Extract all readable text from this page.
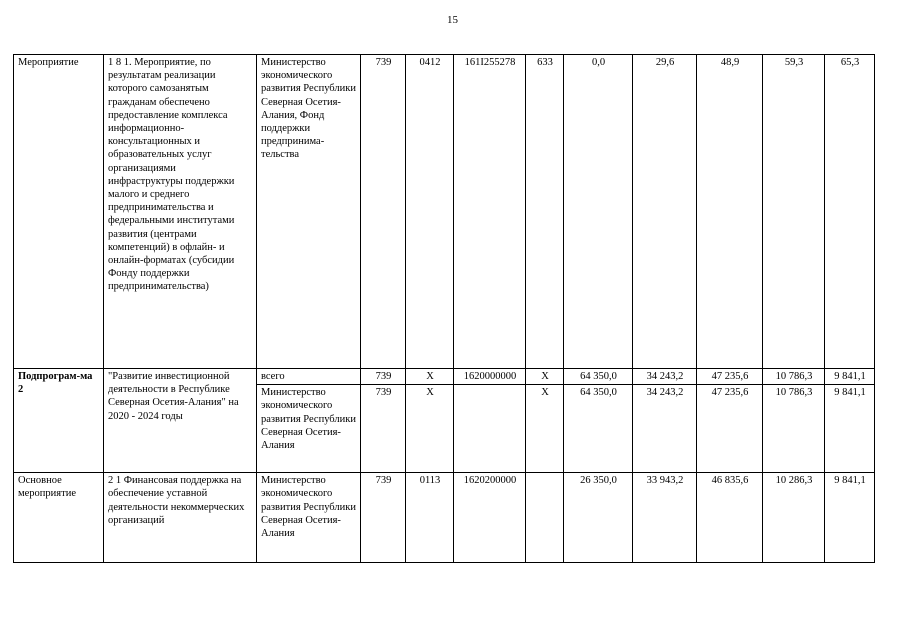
15
Мероприятие	1 8 1. Мероприятие, по результатам реализации которого самозанятым гражданам обеспечено предоставление комплекса информационно-консультационных и образовательных услуг организациями инфраструктуры поддержки малого и среднего предпринимательства и федеральными институтами развития (центрами компетенций) в офлайн- и онлайн-форматах (субсидии Фонду поддержки предпринимательства)	Министерство экономического развития Республики Северная Осетия-Алания, Фонд поддержки предпринима-тельства	739	0412	161I255278	633	0,0	29,6	48,9	59,3	65,3
Подпрограм-ма 2	"Развитие инвестиционной деятельности в Республике Северная Осетия-Алания" на 2020 - 2024 годы	всего	739	X	1620000000	X	64 350,0	34 243,2	47 235,6	10 786,3	9 841,1
		Министерство экономического развития Республики Северная Осетия-Алания	739	X		X	64 350,0	34 243,2	47 235,6	10 786,3	9 841,1
Основное мероприятие	2 1 Финансовая поддержка на обеспечение уставной деятельности некоммерческих организаций	Министерство экономического развития Республики Северная Осетия-Алания	739	0113	1620200000		26 350,0	33 943,2	46 835,6	10 286,3	9 841,1
